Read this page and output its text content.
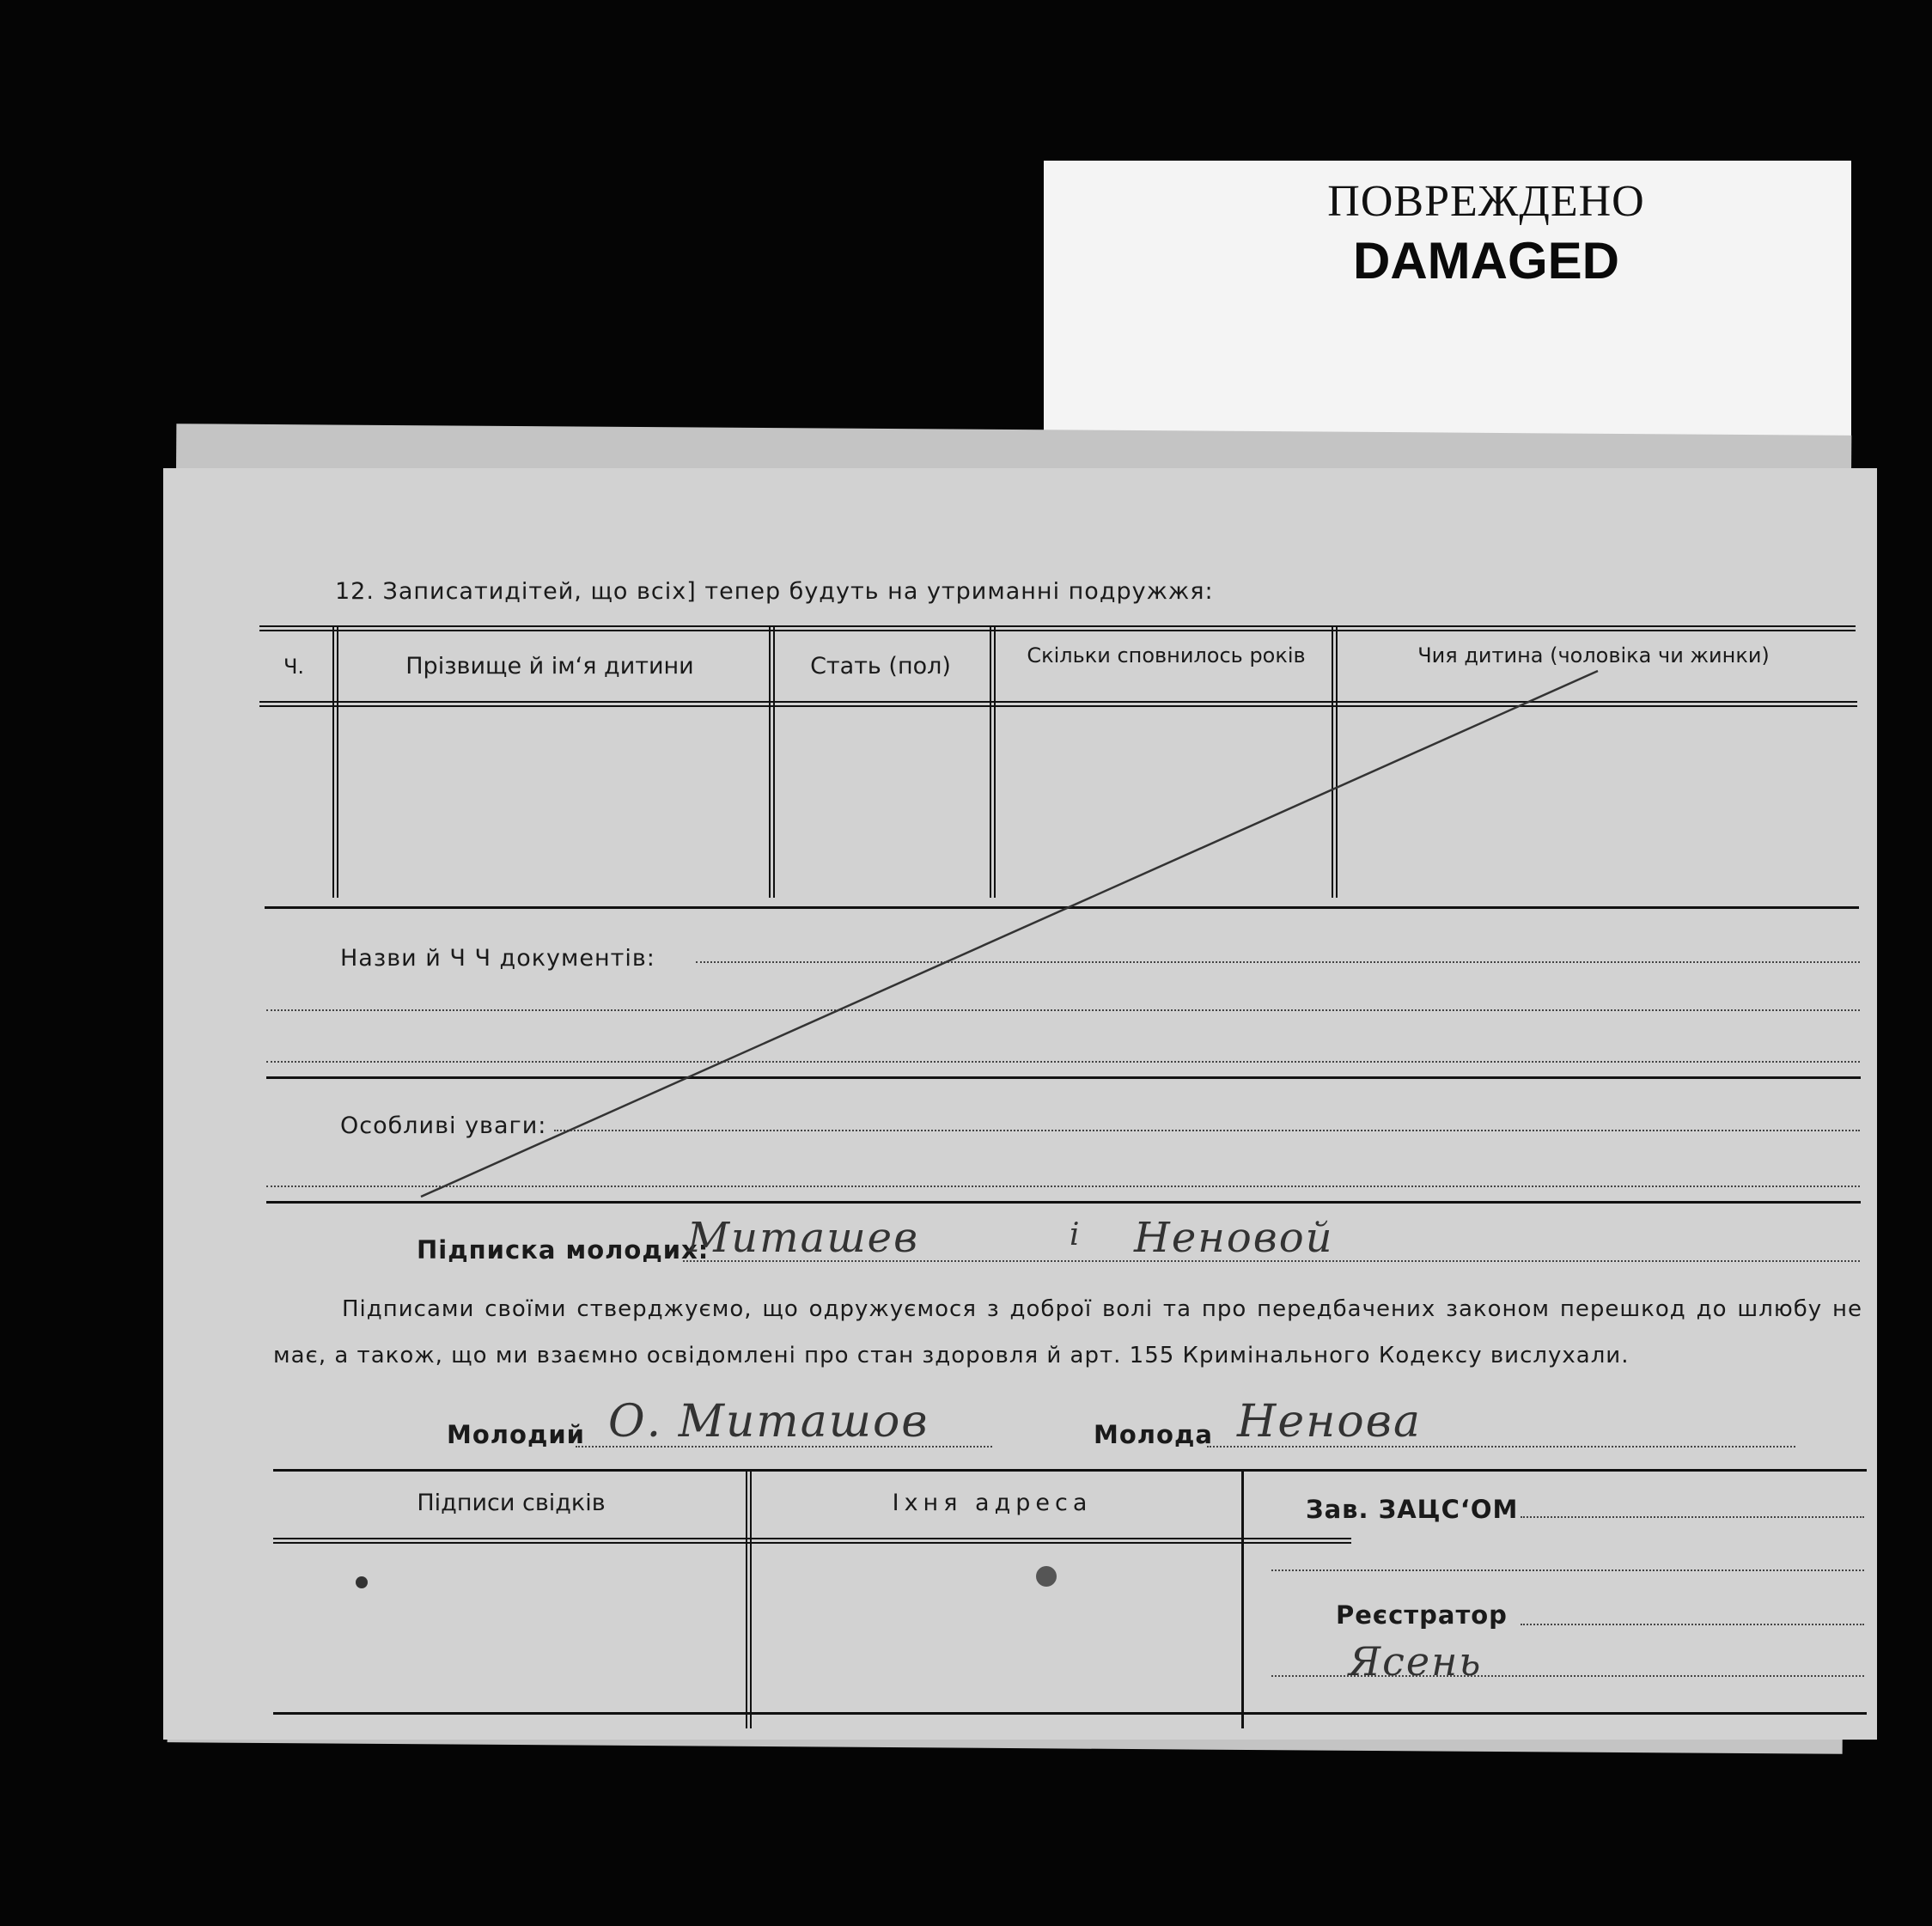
ПОВРЕЖДЕНО
DAMAGED
12. Записатидітей, що всіх] тепер будуть на утриманні подружжя:
Ч.	Прізвище й ім‘я дитини	Стать (пол)	Скільки сповнилось років	Чия дитина (чоловіка чи жинки)
Назви й Ч Ч документів:
Особливі уваги:
Підписка молодих:
Миташев	і Неновой
Підписами своїми стверджуємо, що одружуємося з доброї волі та про передбачених законом перешкод до шлюбу не має, а також, що ми взаємно освідомлені про стан здоровля й арт. 155 Кримінального Кодексу вислухали.
Молодий О. Миташов	Молода Ненова
Підписи свідків	Іхня адреса	Зав. ЗАЦС‘ОМ
Реєстратор
Ясень
